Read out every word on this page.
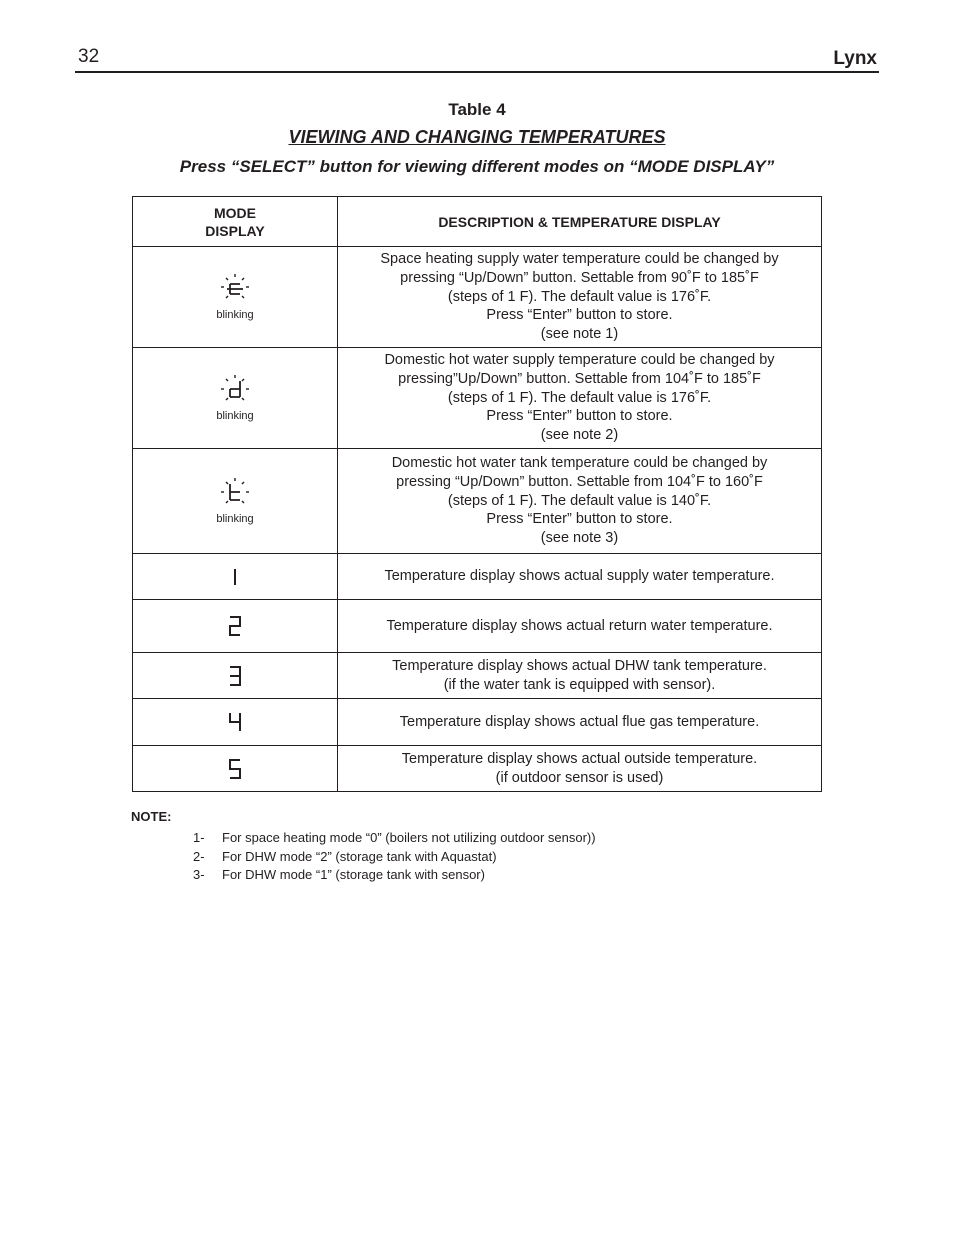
32	Lynx
Table 4
VIEWING AND CHANGING TEMPERATURES
Press “SELECT” button for viewing different modes on “MODE DISPLAY”
MODE
DISPLAY	DESCRIPTION & TEMPERATURE DISPLAY

blinking	Space heating supply water temperature could be changed by
pressing “Up/Down” button. Settable from 90˚F to 185˚F
(steps of 1 F). The default value is 176˚F.
Press “Enter” button to store.
(see note 1)

blinking	Domestic hot water supply temperature could be changed by
pressing”Up/Down” button. Settable from 104˚F to 185˚F
(steps of 1 F). The default value is 176˚F.
Press “Enter” button to store.
(see note 2)

blinking	Domestic hot water tank temperature could be changed by
pressing “Up/Down” button. Settable from 104˚F to 160˚F
(steps of 1 F). The default value is 140˚F.
Press “Enter” button to store.
(see note 3)

	Temperature display shows actual supply water temperature.

	Temperature display shows actual return water temperature.

	Temperature display shows actual DHW tank temperature.
(if the water tank is equipped with sensor).

	Temperature display shows actual flue gas temperature.

	Temperature display shows actual outside temperature.
(if outdoor sensor is used)
NOTE:
1- For space heating mode “0” (boilers not utilizing outdoor sensor))
2- For DHW mode “2” (storage tank with Aquastat)
3- For DHW mode “1” (storage tank with sensor)
